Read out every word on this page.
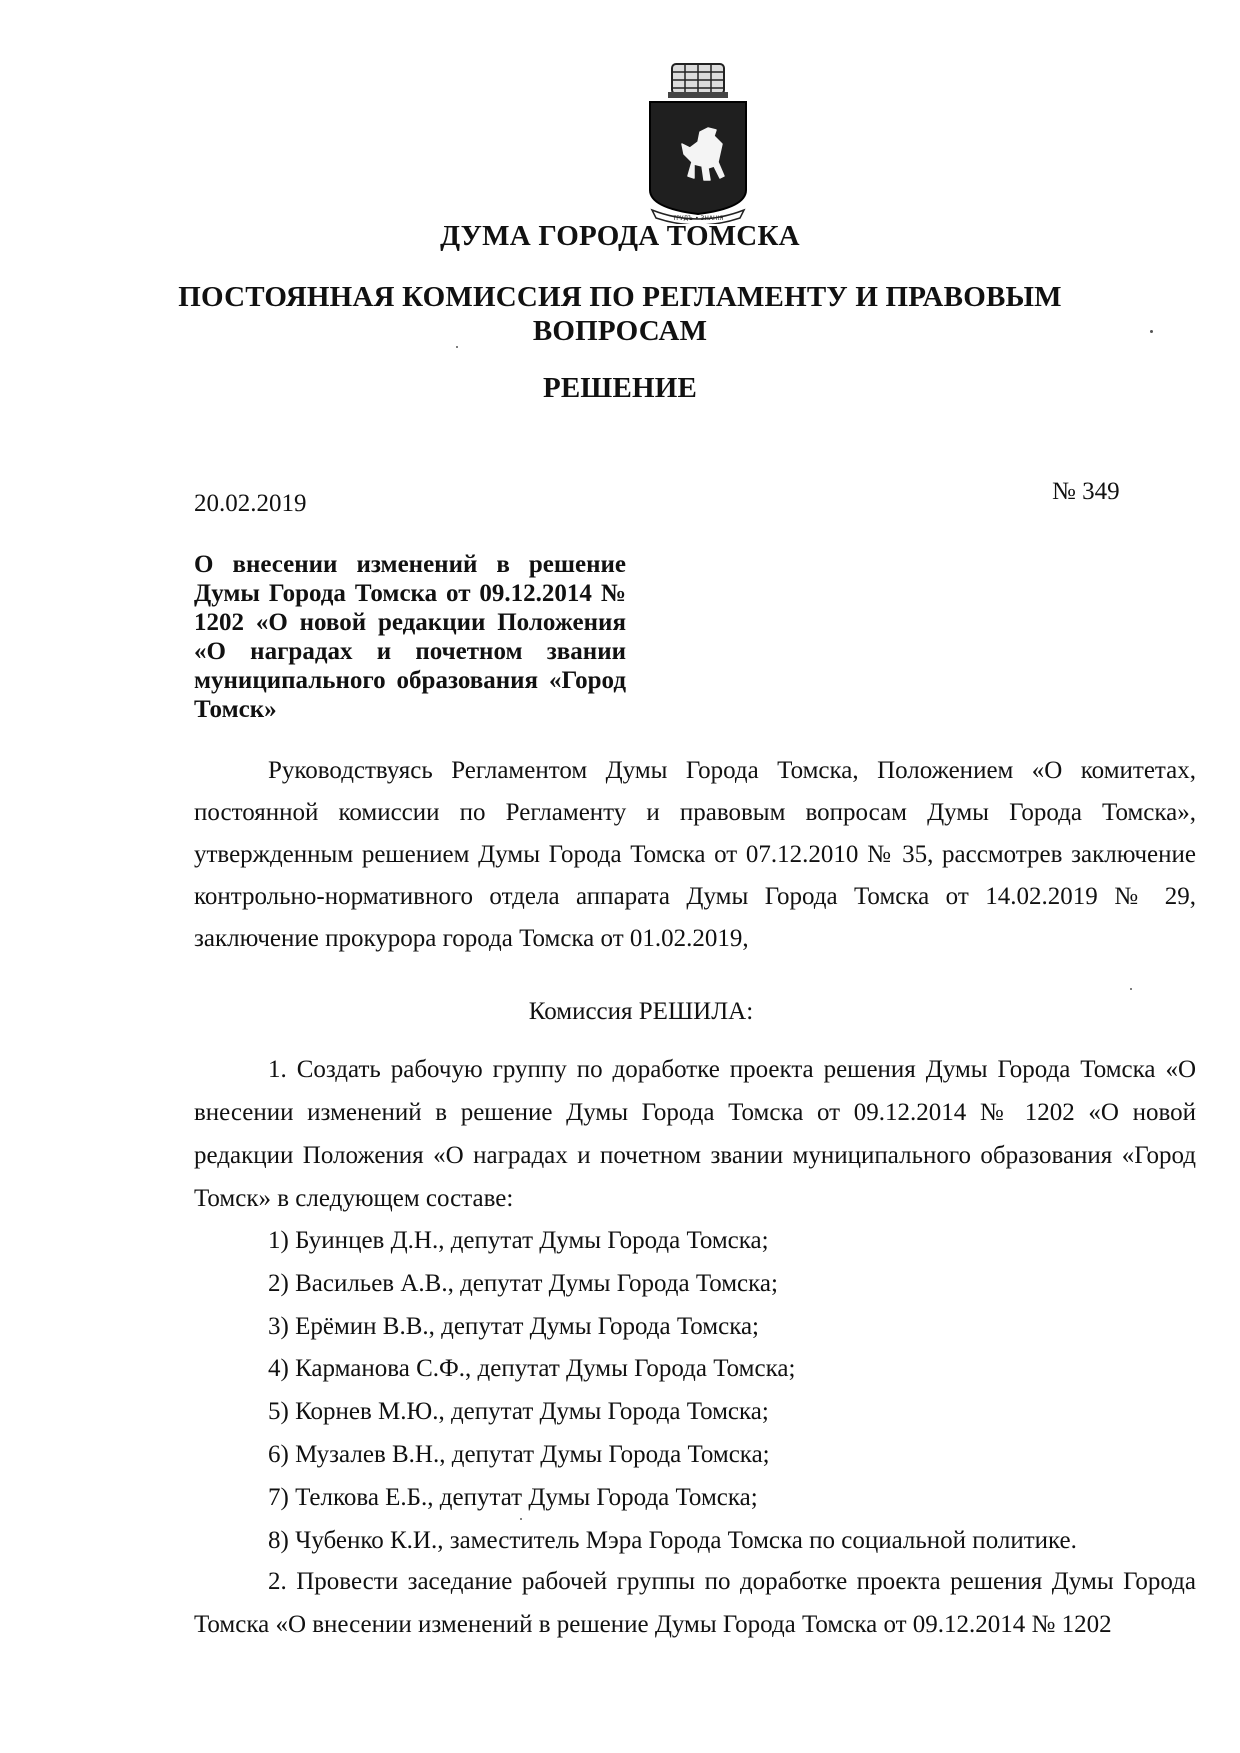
ТРУДЪ • ЗНАНІЯ
ДУМА ГОРОДА ТОМСКА
ПОСТОЯННАЯ КОМИССИЯ ПО РЕГЛАМЕНТУ И ПРАВОВЫМ
ВОПРОСАМ
РЕШЕНИЕ
20.02.2019	№ 349
О внесении изменений в решение Думы Города Томска от 09.12.2014 № 1202 «О новой редакции Положения «О наградах и почетном звании муниципального образования «Город Томск»

Руководствуясь Регламентом Думы Города Томска, Положением «О комитетах, постоянной комиссии по Регламенту и правовым вопросам Думы Города Томска», утвержденным решением Думы Города Томска от 07.12.2010 № 35, рассмотрев заключение контрольно-нормативного отдела аппарата Думы Города Томска от 14.02.2019 № 29, заключение прокурора города Томска от 01.02.2019,

Комиссия РЕШИЛА:

1. Создать рабочую группу по доработке проекта решения Думы Города Томска «О внесении изменений в решение Думы Города Томска от 09.12.2014 № 1202 «О новой редакции Положения «О наградах и почетном звании муниципального образования «Город Томск» в следующем составе:

1) Буинцев Д.Н., депутат Думы Города Томска;
2) Васильев А.В., депутат Думы Города Томска;
3) Ерёмин В.В., депутат Думы Города Томска;
4) Карманова С.Ф., депутат Думы Города Томска;
5) Корнев М.Ю., депутат Думы Города Томска;
6) Музалев В.Н., депутат Думы Города Томска;
7) Телкова Е.Б., депутат Думы Города Томска;
8) Чубенко К.И., заместитель Мэра Города Томска по социальной политике.

2. Провести заседание рабочей группы по доработке проекта решения Думы Города Томска «О внесении изменений в решение Думы Города Томска от 09.12.2014 № 1202
